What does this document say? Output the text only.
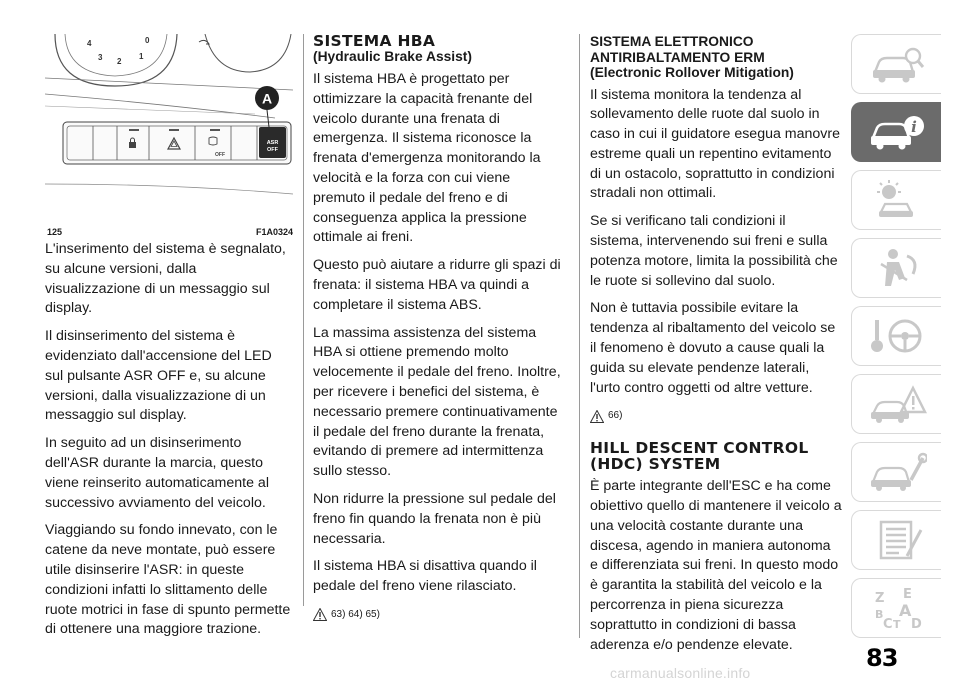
4
3 2
1
0
OFF
ASR
OFF
A
125	F1A0324

L'inserimento del sistema è segnalato, su alcune versioni, dalla visualizzazione di un messaggio sul display.

Il disinserimento del sistema è evidenziato dall'accensione del LED sul pulsante ASR OFF e, su alcune versioni, dalla visualizzazione di un messaggio sul display.

In seguito ad un disinserimento dell'ASR durante la marcia, questo viene reinserito automaticamente al successivo avviamento del veicolo.

Viaggiando su fondo innevato, con le catene da neve montate, può essere utile disinserire l'ASR: in queste condizioni infatti lo slittamento delle ruote motrici in fase di spunto permette di ottenere una maggiore trazione.

SISTEMA HBA
(Hydraulic Brake Assist)

Il sistema HBA è progettato per ottimizzare la capacità frenante del veicolo durante una frenata di emergenza. Il sistema riconosce la frenata d'emergenza monitorando la velocità e la forza con cui viene premuto il pedale del freno e di conseguenza applica la pressione ottimale ai freni.

Questo può aiutare a ridurre gli spazi di frenata: il sistema HBA va quindi a completare il sistema ABS.

La massima assistenza del sistema HBA si ottiene premendo molto velocemente il pedale del freno. Inoltre, per ricevere i benefici del sistema, è necessario premere continuativamente il pedale del freno durante la frenata, evitando di premere ad intermittenza sullo stesso.

Non ridurre la pressione sul pedale del freno fin quando la frenata non è più necessaria.

Il sistema HBA si disattiva quando il pedale del freno viene rilasciato.

63) 64) 65)
SISTEMA ELETTRONICO
ANTIRIBALTAMENTO ERM
(Electronic Rollover Mitigation)

Il sistema monitora la tendenza al sollevamento delle ruote dal suolo in caso in cui il guidatore esegua manovre estreme quali un repentino evitamento di un ostacolo, soprattutto in condizioni stradali non ottimali.

Se si verificano tali condizioni il sistema, intervenendo sui freni e sulla potenza motore, limita la possibilità che le ruote si sollevino dal suolo.

Non è tuttavia possibile evitare la tendenza al ribaltamento del veicolo se il fenomeno è dovuto a cause quali la guida su elevate pendenze laterali, l'urto contro oggetti od altre vetture.

66)
HILL DESCENT CONTROL
(HDC) SYSTEM

È parte integrante dell'ESC e ha come obiettivo quello di mantenere il veicolo a una velocità costante durante una discesa, agendo in maniera autonoma e differenziata sui freni. In questo modo è garantita la stabilità del veicolo e la percorrenza in piena sicurezza soprattutto in condizioni di bassa aderenza e/o pendenze elevate.

i
Z E
B A
C T D
83
carmanualsonline.info
